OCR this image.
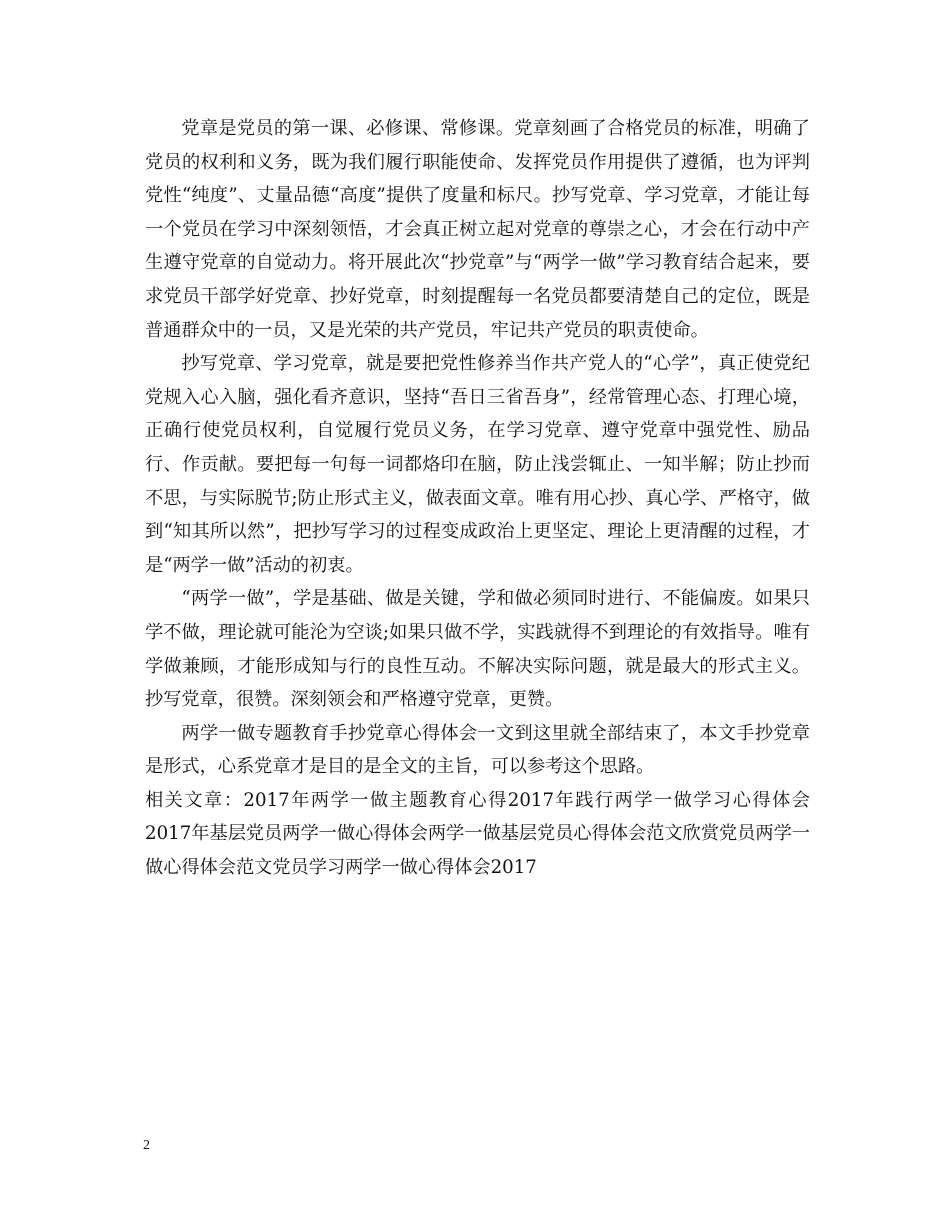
党章是党员的第一课、必修课、常修课。党章刻画了合格党员的标准，明确了党员的权利和义务，既为我们履行职能使命、发挥党员作用提供了遵循，也为评判党性“纯度”、丈量品德“高度”提供了度量和标尺。抄写党章、学习党章，才能让每一个党员在学习中深刻领悟，才会真正树立起对党章的尊崇之心，才会在行动中产生遵守党章的自觉动力。将开展此次“抄党章”与“两学一做”学习教育结合起来，要求党员干部学好党章、抄好党章，时刻提醒每一名党员都要清楚自己的定位，既是普通群众中的一员，又是光荣的共产党员，牢记共产党员的职责使命。

抄写党章、学习党章，就是要把党性修养当作共产党人的“心学”，真正使党纪党规入心入脑，强化看齐意识，坚持“吾日三省吾身”，经常管理心态、打理心境，正确行使党员权利，自觉履行党员义务，在学习党章、遵守党章中强党性、励品行、作贡献。要把每一句每一词都烙印在脑，防止浅尝辄止、一知半解；防止抄而不思，与实际脱节;防止形式主义，做表面文章。唯有用心抄、真心学、严格守，做到“知其所以然”，把抄写学习的过程变成政治上更坚定、理论上更清醒的过程，才是“两学一做”活动的初衷。

“两学一做”，学是基础、做是关键，学和做必须同时进行、不能偏废。如果只学不做，理论就可能沦为空谈;如果只做不学，实践就得不到理论的有效指导。唯有学做兼顾，才能形成知与行的良性互动。不解决实际问题，就是最大的形式主义。抄写党章，很赞。深刻领会和严格遵守党章，更赞。

两学一做专题教育手抄党章心得体会一文到这里就全部结束了，本文手抄党章是形式，心系党章才是目的是全文的主旨，可以参考这个思路。

相关文章：2017年两学一做主题教育心得2017年践行两学一做学习心得体会2017年基层党员两学一做心得体会两学一做基层党员心得体会范文欣赏党员两学一做心得体会范文党员学习两学一做心得体会2017

2
